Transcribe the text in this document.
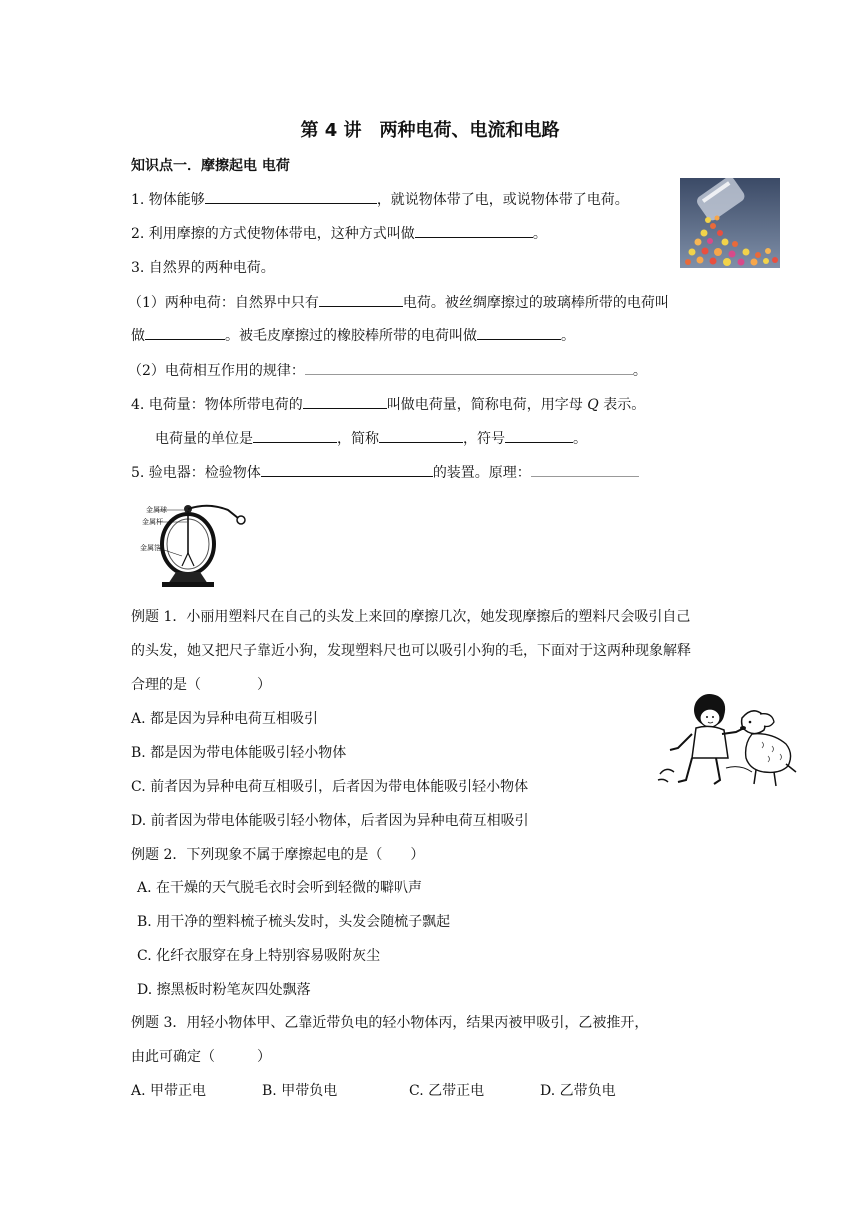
第 4 讲　两种电荷、电流和电路
知识点一．摩擦起电 电荷
1. 物体能够	，就说物体带了电，或说物体带了电荷。
2. 利用摩擦的方式使物体带电，这种方式叫做	。
3. 自然界的两种电荷。
（1）两种电荷：自然界中只有	电荷。被丝绸摩擦过的玻璃棒所带的电荷叫
做	。被毛皮摩擦过的橡胶棒所带的电荷叫做	。
（2）电荷相互作用的规律：	。
4. 电荷量：物体所带电荷的	叫做电荷量，简称电荷，用字母 Q 表示。
电荷量的单位是	，简称	，符号	。
5. 验电器：检验物体	的装置。原理：
金属球
金属杆
金属箔
例题 1．小丽用塑料尺在自己的头发上来回的摩擦几次，她发现摩擦后的塑料尺会吸引自己
的头发，她又把尺子靠近小狗，发现塑料尺也可以吸引小狗的毛，下面对于这两种现象解释
合理的是（　　　　）
A. 都是因为异种电荷互相吸引
B. 都是因为带电体能吸引轻小物体
C. 前者因为异种电荷互相吸引，后者因为带电体能吸引轻小物体
D. 前者因为带电体能吸引轻小物体，后者因为异种电荷互相吸引
例题 2．下列现象不属于摩擦起电的是（　　）
A. 在干燥的天气脱毛衣时会听到轻微的噼叭声
B. 用干净的塑料梳子梳头发时，头发会随梳子飘起
C. 化纤衣服穿在身上特别容易吸附灰尘
D. 擦黑板时粉笔灰四处飘落
例题 3．用轻小物体甲、乙靠近带负电的轻小物体丙，结果丙被甲吸引，乙被推开，
由此可确定（　　　）
A. 甲带正电	B. 甲带负电	C. 乙带正电	D. 乙带负电
